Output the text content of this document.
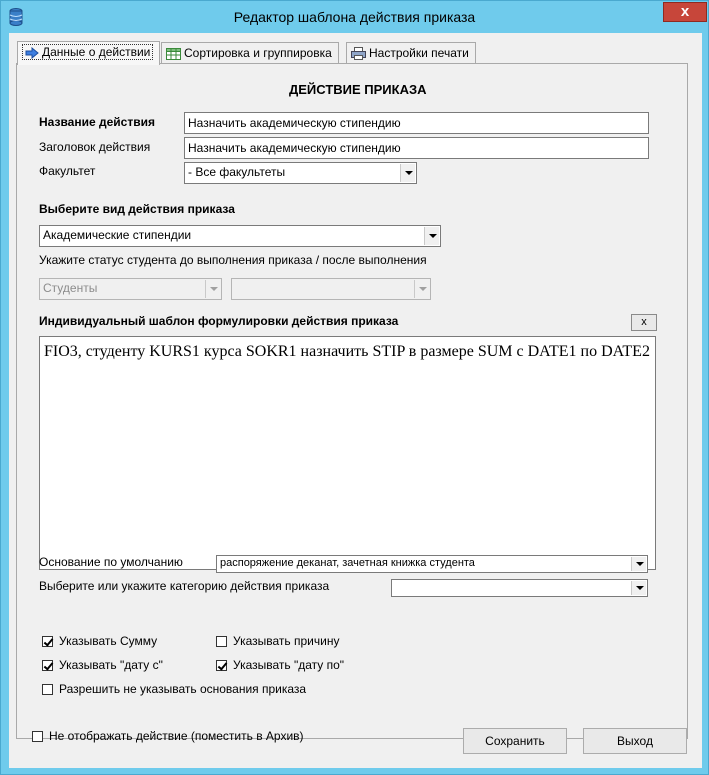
Редактор шаблона действия приказа	x
Данные о действии	Сортировка и группировка	Настройки печати
ДЕЙСТВИЕ ПРИКАЗА
Название действия	Назначить академическую стипендию
Заголовок действия	Назначить академическую стипендию
Факультет	- Все факультеты
Выберите вид действия приказа
Академические стипендии
Укажите статус студента до выполнения приказа / после выполнения
Студенты
Индивидуальный шаблон формулировки действия приказа	x
FIO3, студенту KURS1 курса SOKR1 назначить STIP в размере SUM с DATE1 по DATE2
Основание по умолчанию	распоряжение деканат, зачетная книжка студента
Выберите или укажите категорию действия приказа
Указывать Сумму	Указывать причину
Указывать "дату с"	Указывать "дату по"
Разрешить не указывать основания приказа
Не отображать действие (поместить в Архив)	Сохранить	Выход
